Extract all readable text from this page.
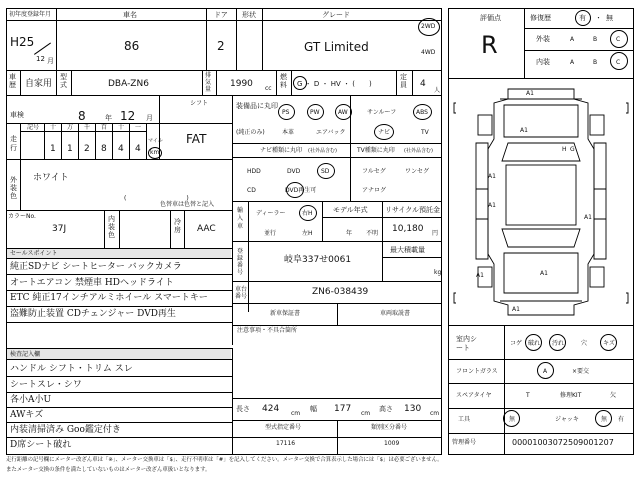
初年度登録年月
H25
12 月
車名
86
ドア
2
形状	グレード
GT Limited
2WD
4WD
車歴 自家用
型式	DBA-ZN6
排気量
1990 cc
燃料 G ・ D ・ HV ・ (　　)
定員 4
人
車検	8	年 12 月
シフト
FAT
走行
記号 十 万 千 百 十 一
1 1 2 8 4 4
マイル
km
外装色
ホワイト
(　　　　　　　　　　)
色替車は色替と記入
カラーNo.
37J
内装色
冷房 AAC
セールスポイント
純正SDナビ シートヒーター バックカメラ
オートエアコン 禁煙車 HDヘッドライト
ETC 純正17インチアルミホイール スマートキー
盗難防止装置 CDチェンジャー DVD再生
検査記入欄
ハンドル シフト・トリム スレ
シートスレ・シワ
各小A小U
AWキズ
内装清掃済み Goo鑑定付き
D席シート破れ
装備品に丸印
(純正のみ)
PS	PW	AW	サンルーフ	ABS
本革	エアバック	ナビ	TV
ナビ種類に丸印 (社外品含む)	TV種類に丸印 (社外品含む)
HDD	DVD	SD
CD	DVD再生可
フルセグ	ワンセグ
アナログ
輸入車
ディーラー	右H
並行	左H
モデル年式
年 不明
リサイクル預託金
10,180 円
登録番号
岐阜337せ0061
最大積載量
kg
車台番号	ZN6-038439
新車保証書	車両取説書
注意事項・不具合箇所
長さ 424 cm
幅 177 cm
高さ 130 cm
型式指定番号
17116
類別区分番号
1009
評価点
R
修復歴	有 ・ 無
外装	A	B	C
内装	A	B	C
A1
A1
A1
A1
A1
A1
A1
A1
H G
室内シート
コゲ 破れ 汚れ	穴	キズ
フロントガラス	A	×要交
スペアタイヤ	T	修理KIT	欠
工具	無	ジャッキ	無 有
管理番号	00001003072509001207
走行距離の記号欄にメーター改ざん車は「※」、メーター交換車は「$」、走行不明車は「#」を記入してください。メーター交換で合算表示した場合には「$」は必要ございません。
またメーター交換の条件を満たしていないものはメーター改ざん車扱いとなります。
